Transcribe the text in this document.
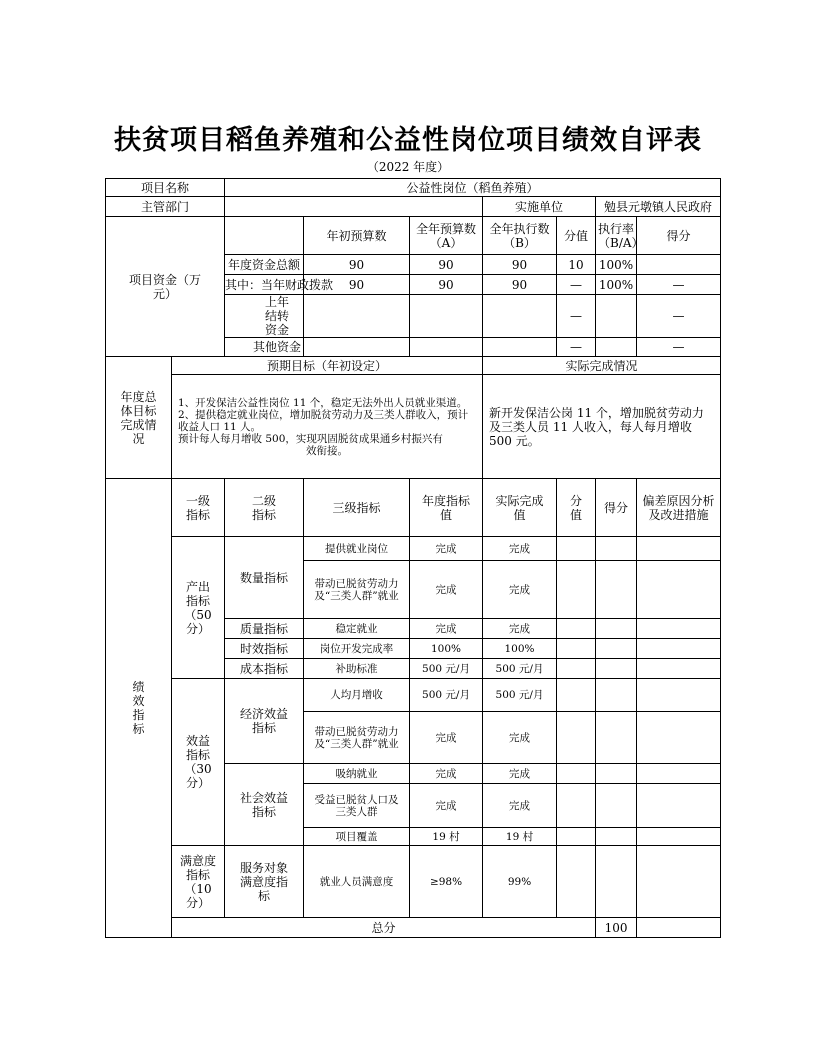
扶贫项目稻鱼养殖和公益性岗位项目绩效自评表
（2022 年度）
项目名称		公益性岗位（稻鱼养殖）							
主管部门					实施单位		勉县元墩镇人民政府		
项目资金（万元）			年初预算数	全年预算数（A）	全年执行数（B）	分值	执行率（B/A）	得分	
		年度资金总额	90	90	90	10	100%		
		其中：当年财政拨款	90	90	90	—	100%	—	
		上年结转资金				—		—	
		其他资金				—		—	
年度总体目标完成情况	预期目标（年初设定）				实际完成情况				

	1、开发保洁公益性岗位 11 个，稳定无法外出人员就业渠道。
2、提供稳定就业岗位，增加脱贫劳动力及三类人群收入，预计收益人口 11 人。
预计每人每月增收 500，实现巩固脱贫成果通乡村振兴有
效衔接。				新开发保洁公岗 11 个，增加脱贫劳动力及三类人员 11 人收入，每人每月增收 500 元。				
绩效指标	一级指标	二级指标	三级指标	年度指标值	实际完成值	分值	得分	偏差原因分析及改进措施	
	产出指标（50分）	数量指标	提供就业岗位	完成	完成				
			带动已脱贫劳动力及“三类人群”就业	完成	完成				
		质量指标	稳定就业	完成	完成				
		时效指标	岗位开发完成率	100%	100%				
		成本指标	补助标准	500 元/月	500 元/月				
	效益指标（30分）	经济效益指标	人均月增收	500 元/月	500 元/月				
			带动已脱贫劳动力及“三类人群”就业	完成	完成				
		社会效益指标	吸纳就业	完成	完成				
			受益已脱贫人口及三类人群	完成	完成				
			项目覆盖	19 村	19 村				
	满意度指标（10分）	服务对象满意度指标	就业人员满意度	≥98%	99%				
	总分						100		
